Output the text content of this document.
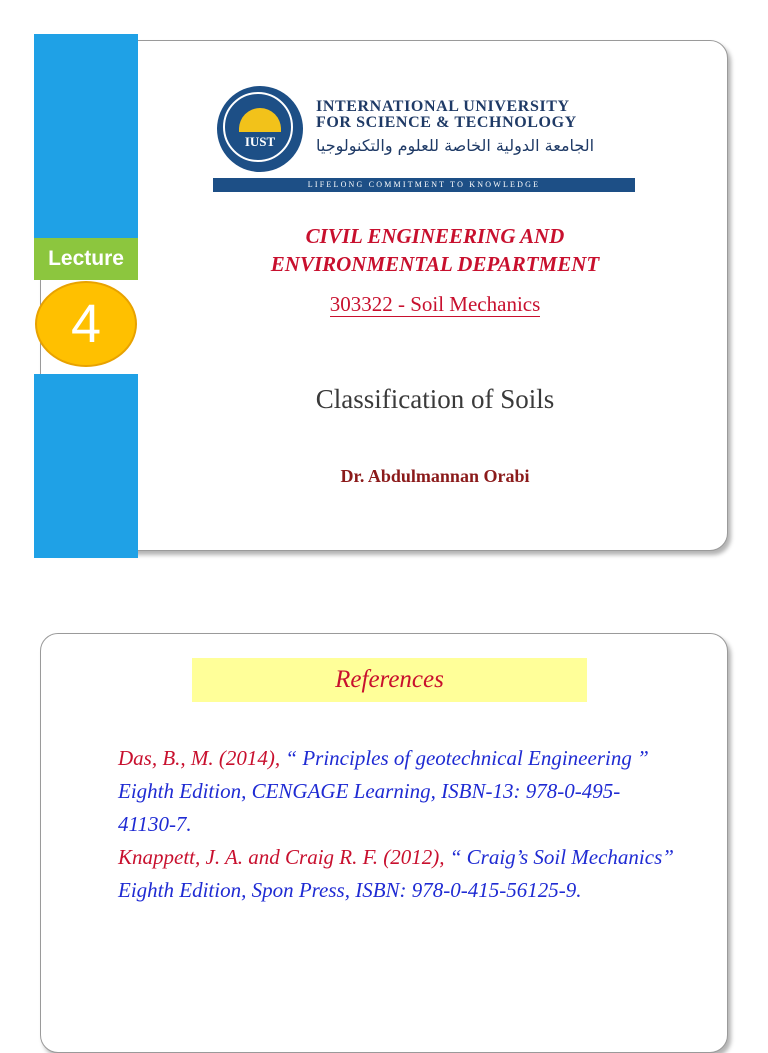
Lecture
4
IUST
INTERNATIONAL UNIVERSITY
FOR SCIENCE & TECHNOLOGY
الجامعة الدولية الخاصة للعلوم والتكنولوجيا
LIFELONG COMMITMENT TO KNOWLEDGE
CIVIL ENGINEERING AND
ENVIRONMENTAL DEPARTMENT
303322 - Soil Mechanics
Classification of Soils
Dr. Abdulmannan Orabi
References

Das, B., M. (2014), “ Principles of geotechnical Engineering ” Eighth Edition, CENGAGE Learning, ISBN-13: 978-0-495-41130-7.

Knappett, J. A. and Craig R. F. (2012), “ Craig’s Soil Mechanics” Eighth Edition, Spon Press, ISBN: 978-0-415-56125-9.
